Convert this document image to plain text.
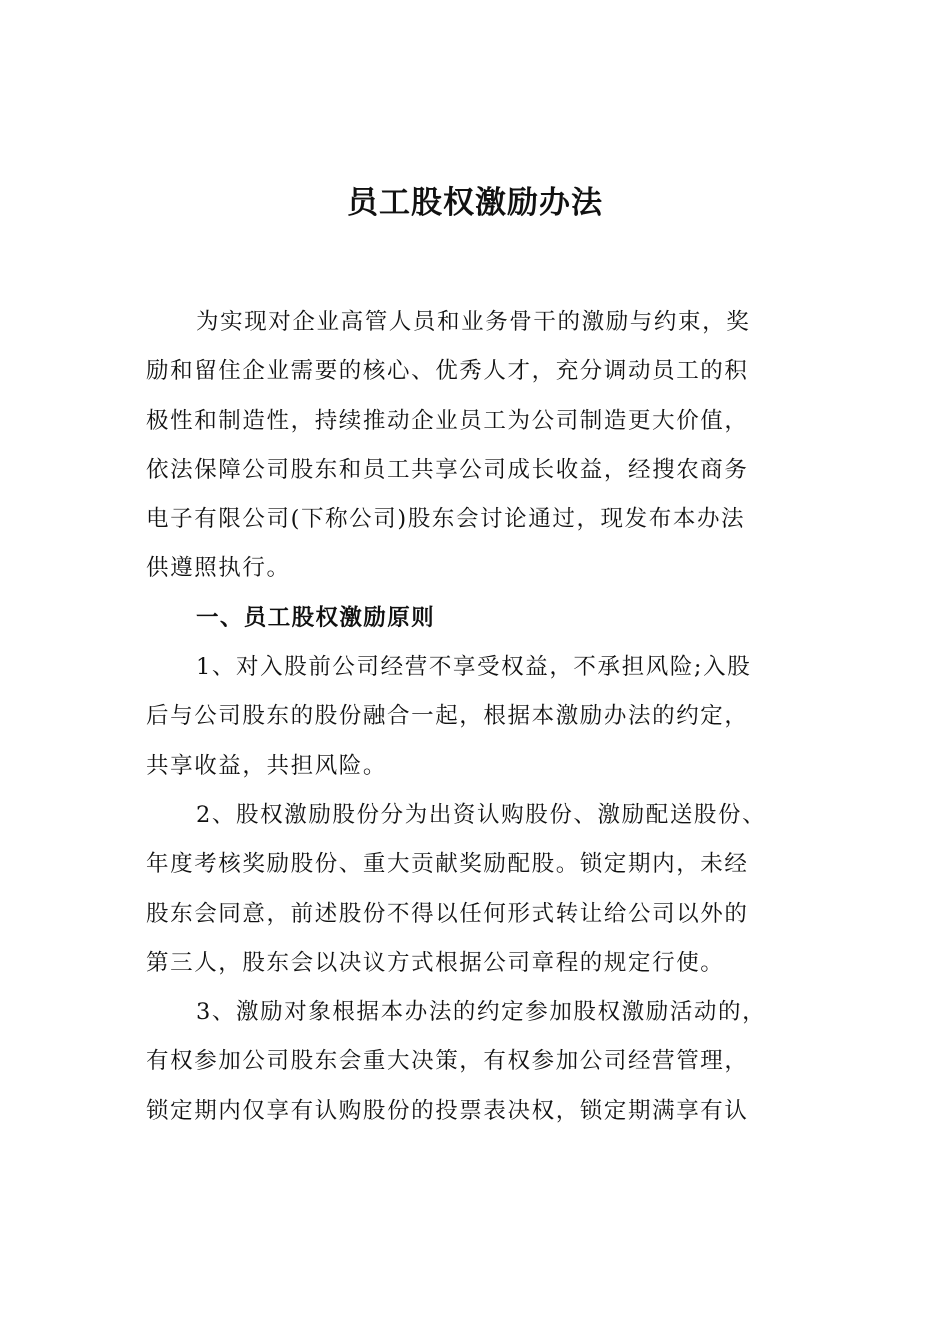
员工股权激励办法
为实现对企业高管人员和业务骨干的激励与约束，奖
励和留住企业需要的核心、优秀人才，充分调动员工的积
极性和制造性，持续推动企业员工为公司制造更大价值，
依法保障公司股东和员工共享公司成长收益，经搜农商务
电子有限公司(下称公司)股东会讨论通过，现发布本办法
供遵照执行。
一、员工股权激励原则
1、对入股前公司经营不享受权益，不承担风险;入股
后与公司股东的股份融合一起，根据本激励办法的约定，
共享收益，共担风险。
2、股权激励股份分为出资认购股份、激励配送股份、
年度考核奖励股份、重大贡献奖励配股。锁定期内，未经
股东会同意，前述股份不得以任何形式转让给公司以外的
第三人，股东会以决议方式根据公司章程的规定行使。
3、激励对象根据本办法的约定参加股权激励活动的，
有权参加公司股东会重大决策，有权参加公司经营管理，
锁定期内仅享有认购股份的投票表决权，锁定期满享有认
